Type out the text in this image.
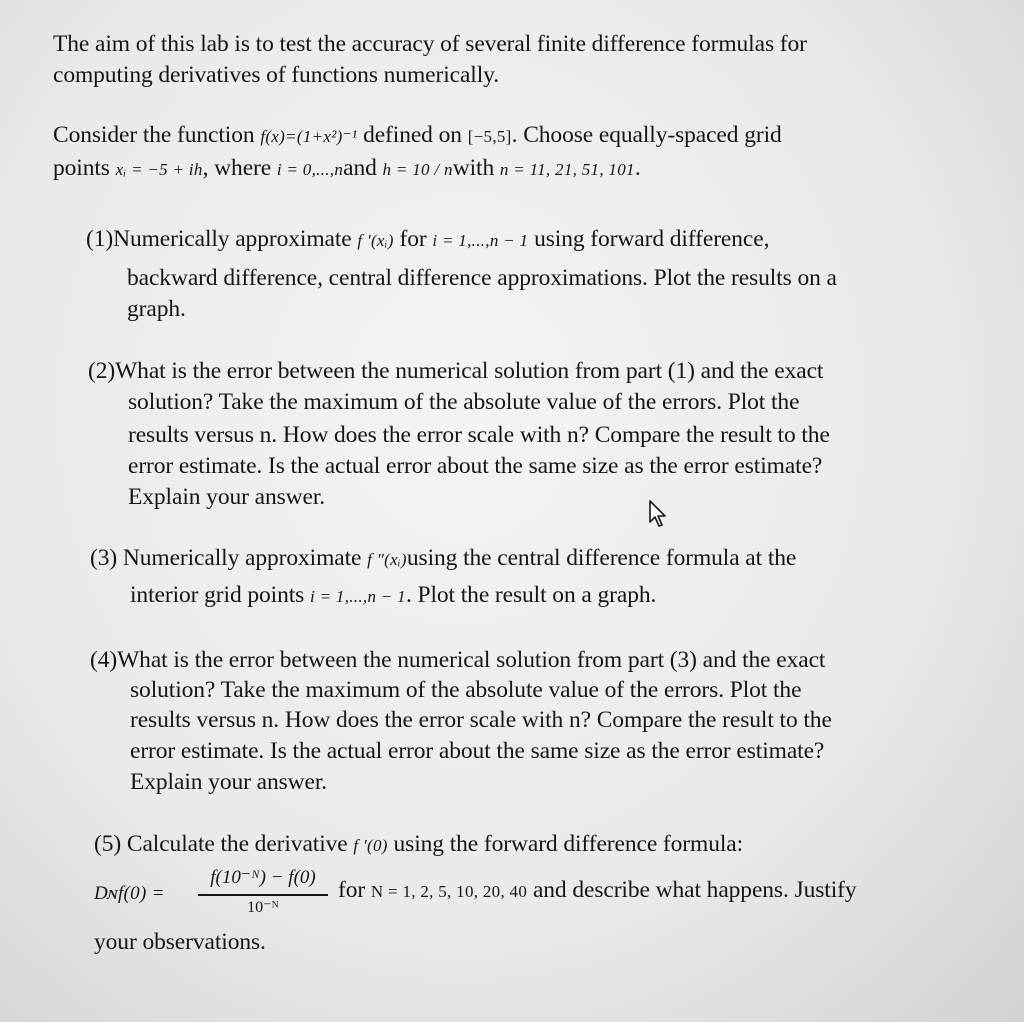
The aim of this lab is to test the accuracy of several finite difference formulas for
computing derivatives of functions numerically.
Consider the function f(x)=(1+x²)⁻¹ defined on [−5,5]. Choose equally-spaced grid
points xᵢ = −5 + ih, where i = 0,...,nand h = 10 / nwith n = 11, 21, 51, 101.
(1)Numerically approximate f ′(xᵢ) for i = 1,...,n − 1 using forward difference,
backward difference, central difference approximations. Plot the results on a
graph.
(2)What is the error between the numerical solution from part (1) and the exact
solution? Take the maximum of the absolute value of the errors. Plot the
results versus n. How does the error scale with n? Compare the result to the
error estimate. Is the actual error about the same size as the error estimate?
Explain your answer.
(3) Numerically approximate f ″(xᵢ)using the central difference formula at the
interior grid points i = 1,...,n − 1. Plot the result on a graph.
(4)What is the error between the numerical solution from part (3) and the exact
solution? Take the maximum of the absolute value of the errors. Plot the
results versus n. How does the error scale with n? Compare the result to the
error estimate. Is the actual error about the same size as the error estimate?
Explain your answer.
(5) Calculate the derivative f ′(0) using the forward difference formula:
Dɴf(0) =
f(10⁻ᴺ) − f(0)
10⁻ᴺ
for N = 1, 2, 5, 10, 20, 40 and describe what happens. Justify
your observations.
